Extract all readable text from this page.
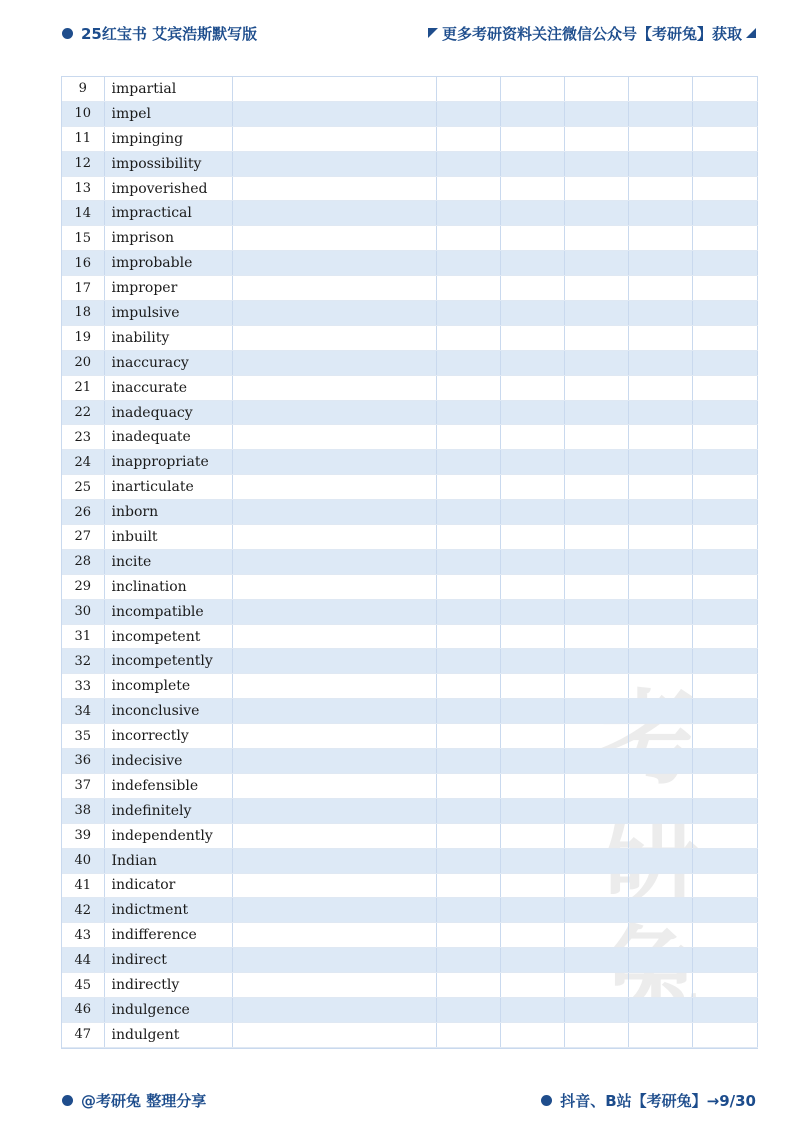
25红宝书 艾宾浩斯默写版	更多考研资料关注微信公众号【考研兔】获取
考
兔
9	impartial						
10	impel						
11	impinging						
12	impossibility						
13	impoverished						
14	impractical						
15	imprison						
16	improbable						
17	improper						
18	impulsive						
19	inability						
20	inaccuracy						
21	inaccurate						
22	inadequacy						
23	inadequate						
24	inappropriate						
25	inarticulate						
26	inborn						
27	inbuilt						
28	incite						
29	inclination						
30	incompatible						
31	incompetent						
32	incompetently						
33	incomplete						
34	inconclusive						
35	incorrectly						
36	indecisive						
37	indefensible						
38	indefinitely						
39	independently						
40	Indian						
41	indicator						
42	indictment						
43	indifference						
44	indirect						
45	indirectly						
46	indulgence						
47	indulgent						
@考研兔 整理分享	抖音、B站【考研兔】→9/30
